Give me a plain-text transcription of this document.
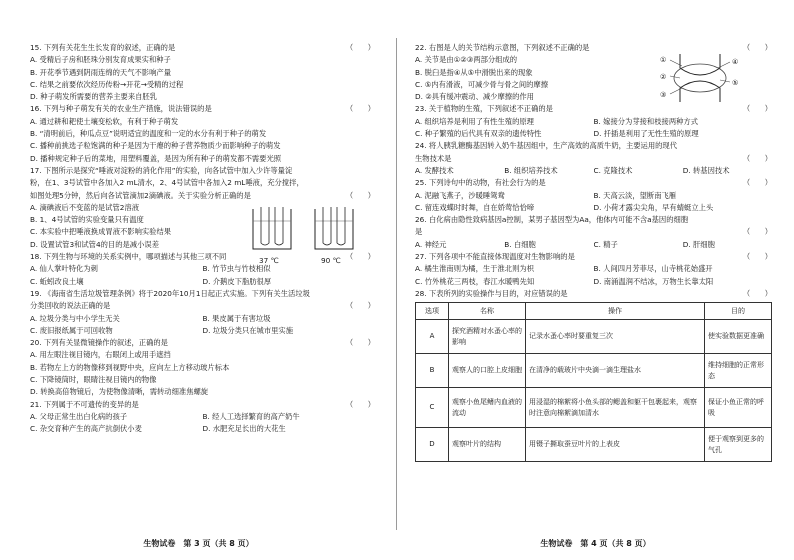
15. 下列有关花生生长发育的叙述，正确的是	（　　）
A. 受精后子房和胚珠分别发育成果实和种子
B. 开花季节遇到阴雨连绵的天气不影响产量
C. 结果之前要依次经历传粉→开花→受精的过程
D. 种子萌发所需要的营养主要来自胚乳
16. 下列与种子萌发有关的农业生产措施，说法错误的是	（　　）
A. 通过耕和耙使土壤变松软，有利于种子萌发
B. “清明前后，种瓜点豆”说明适宜的温度和一定的水分有利于种子的萌发
C. 播种前挑选子粒饱满的种子是因为干瘪的种子营养物质少而影响种子的萌发
D. 播种规定种子后的菜地，用塑料覆盖，是因为所有种子的萌发都不需要光照
17. 下图所示是探究“唾液对淀粉的消化作用”的实验，向各试管中加入少许等量淀
粉，在1、3号试管中各加入2 mL清水，2、4号试管中各加入2 mL唾液，充分搅拌，
如图处理5分钟，然后向各试管滴加2滴碘液。关于实验分析正确的是	（　　）
A. 滴碘液后不变蓝的是试管2溶液
B. 1、4号试管的实验变量只有温度
C. 本实验中把唾液换成胃液不影响实验结果
D. 设置试管3和试管4的目的是减小误差
37 ℃	90 ℃
18. 下列生物与环境的关系实例中，哪项描述与其他三项不同	（　　）
A. 仙人掌叶特化为刺	B. 竹节虫与竹枝相似
C. 蚯蚓改良土壤	D. 介鹅皮下脂肪很厚
19. 《海南省生活垃圾管理条例》将于2020年10月1日起正式实施。下列有关生活垃圾
分类回收的说法正确的是	（　　）
A. 垃圾分类与中小学生无关	B. 果皮属于有害垃圾
C. 废旧报纸属于可回收物	D. 垃圾分类只在城市里实施
20. 下列有关显微镜操作的叙述，正确的是	（　　）
A. 用左眼注视目镜内，右眼闭上或用手遮挡
B. 若物左上方的物像移到视野中央，应向左上方移动玻片标本
C. 下降镜筒时，眼睛注视目镜内的物像
D. 转换高倍物镜后，为使物像清晰，需转动细准焦螺旋
21. 下列属于不可遗传的变异的是	（　　）
A. 父母正常生出白化病的孩子	B. 经人工选择繁育的高产奶牛
C. 杂交育种产生的高产抗倒伏小麦	D. 水肥充足长出的大花生
生物试卷　第 3 页（共 8 页）
22. 右图是人的关节结构示意图，下列叙述不正确的是	（　　）
A. 关节是由①②③两部分组成的
B. 脱臼是指④从⑤中滑脱出来的现象
C. ⑤内有滑液，可减少骨与骨之间的摩擦
D. ②具有缓冲震动、减少摩擦的作用
①
②
③
④
⑤
23. 关于植物的生殖，下列叙述不正确的是	（　　）
A. 组织培养是利用了有性生殖的原理	B. 嫁接分为芽接和枝接两种方式
C. 种子繁殖的后代具有双亲的遗传特性	D. 扦插是利用了无性生殖的原理
24. 将人胰乳糖酶基因转入奶牛基因组中，生产高效的高质牛奶，主要运用的现代
生物技术是	（　　）
A. 发酵技术	B. 组织培养技术	C. 克隆技术	D. 转基因技术
25. 下列诗句中的动物，有社会行为的是	（　　）
A. 泥融飞燕子，沙暖睡鸳鸯	B. 天高云淡，望断南飞雁
C. 留连戏蝶时时舞，自在娇莺恰恰啼	D. 小荷才露尖尖角，早有蜻蜓立上头
26. 白化病由隐性致病基因a控制，某男子基因型为Aa，他体内可能不含a基因的细胞
是	（　　）
A. 神经元	B. 白细胞	C. 精子	D. 肝细胞
27. 下列各项中不能直接体现温度对生物影响的是	（　　）
A. 橘生淮南则为橘，生于淮北则为枳	B. 人间四月芳菲尽，山寺桃花始盛开
C. 竹外桃花三两枝，春江水暖鸭先知	D. 南涌温润不结冰，万物生长靠太阳
28. 下表所列的实验操作与目的，对应错误的是	（　　）
选项	名称	操作	目的
A	探究酒精对水蚤心率的影响	记录水蚤心率时要重复三次	使实验数据更准确
B	观察人的口腔上皮细胞	在清净的载玻片中央滴一滴生理盐水	维持细胞的正常形态
C	观察小鱼尾鳍内血液的流动	用浸湿的棉絮将小鱼头部的鳃盖和躯干包裹起来，观察时注意向棉絮滴加清水	保证小鱼正常的呼吸
D	观察叶片的结构	用镊子撕取蚕豆叶片的上表皮	便于观察到更多的气孔
生物试卷　第 4 页（共 8 页）
